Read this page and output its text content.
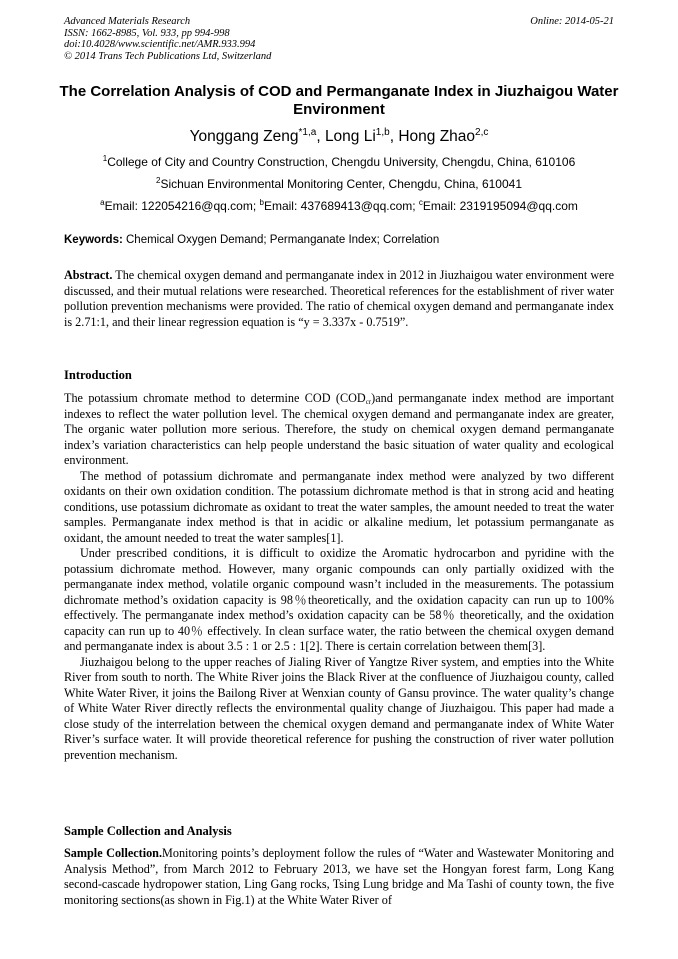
Advanced Materials Research
ISSN: 1662-8985, Vol. 933, pp 994-998
doi:10.4028/www.scientific.net/AMR.933.994
© 2014 Trans Tech Publications Ltd, Switzerland
Online: 2014-05-21
The Correlation Analysis of COD and Permanganate Index in Jiuzhaigou Water Environment
Yonggang Zeng$^{*1,a}$, Long Li$^{1,b}$, Hong Zhao$^{2,c}$
$^1$College of City and Country Construction, Chengdu University, Chengdu, China, 610106
$^2$Sichuan Environmental Monitoring Center, Chengdu, China, 610041
$^a$Email: 122054216@qq.com; $^b$Email: 437689413@qq.com; $^c$Email: 2319195094@qq.com
Keywords: Chemical Oxygen Demand; Permanganate Index; Correlation

Abstract. The chemical oxygen demand and permanganate index in 2012 in Jiuzhaigou water environment were discussed, and their mutual relations were researched. Theoretical references for the establishment of river water pollution prevention mechanisms were provided. The ratio of chemical oxygen demand and permanganate index is 2.71:1, and their linear regression equation is “y = 3.337x - 0.7519”.

Introduction

The potassium chromate method to determine COD $(COD_{cr})and$ permanganate index method are important indexes to reflect the water pollution level. The chemical oxygen demand and permanganate index are greater, The organic water pollution more serious. Therefore, the study on chemical oxygen demand permanganate index’s variation characteristics can help people understand the basic situation of water quality and ecological environment.

The method of potassium dichromate and permanganate index method were analyzed by two different oxidants on their own oxidation condition. The potassium dichromate method is that in strong acid and heating conditions, use potassium dichromate as oxidant to treat the water samples, the amount needed to treat the water samples. Permanganate index method is that in acidic or alkaline medium, let potassium permanganate as oxidant, the amount needed to treat the water samples[1].

Under prescribed conditions, it is difficult to oxidize the Aromatic hydrocarbon and pyridine with the potassium dichromate method. However, many organic compounds can only partially oxidized with the permanganate index method, volatile organic compound wasn’t included in the measurements. The potassium dichromate method’s oxidation capacity is 98％theoretically, and the oxidation capacity can run up to 100% effectively. The permanganate index method’s oxidation capacity can be 58％ theoretically, and the oxidation capacity can run up to 40％ effectively. In clean surface water, the ratio between the chemical oxygen demand and permanganate index is about 3.5 : 1 or 2.5 : 1[2]. There is certain correlation between them[3].

Jiuzhaigou belong to the upper reaches of Jialing River of Yangtze River system, and empties into the White River from south to north. The White River joins the Black River at the confluence of Jiuzhaigou county, called White Water River, it joins the Bailong River at Wenxian county of Gansu province. The water quality’s change of White Water River directly reflects the environmental quality change of Jiuzhaigou. This paper had made a close study of the interrelation between the chemical oxygen demand and permanganate index of White Water River’s surface water. It will provide theoretical reference for pushing the construction of river water pollution prevention mechanism.

Sample Collection and Analysis

Sample Collection.Monitoring points’s deployment follow the rules of “Water and Wastewater Monitoring and Analysis Method”, from March 2012 to February 2013, we have set the Hongyan forest farm, Long Kang second-cascade hydropower station, Ling Gang rocks, Tsing Lung bridge and Ma Tashi of county town, the five monitoring sections(as shown in Fig.1) at the White Water River of
